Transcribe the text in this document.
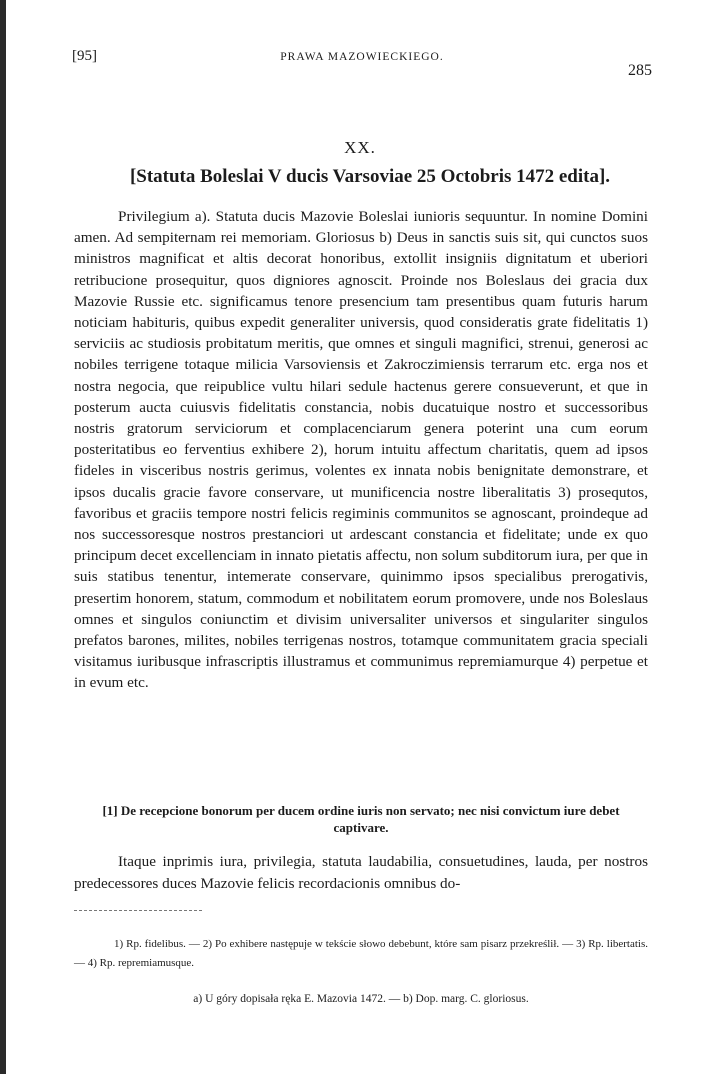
[95]	PRAWA MAZOWIECKIEGO.
285
XX.
[Statuta Boleslai V ducis Varsoviae 25 Octobris 1472 edita].

Privilegium a). Statuta ducis Mazovie Boleslai iunioris sequuntur. In nomine Domini amen. Ad sempiternam rei memoriam. Gloriosus b) Deus in sanctis suis sit, qui cunctos suos ministros magnificat et altis decorat honoribus, extollit insigniis dignitatum et uberiori retribucione prosequitur, quos digniores agnoscit. Proinde nos Boleslaus dei gracia dux Mazovie Russie etc. significamus tenore presencium tam presentibus quam futuris harum noticiam habituris, quibus expedit generaliter universis, quod consideratis grate fidelitatis 1) serviciis ac studiosis probitatum meritis, que omnes et singuli magnifici, strenui, generosi ac nobiles terrigene totaque milicia Varsoviensis et Zakroczimiensis terrarum etc. erga nos et nostra negocia, que reipublice vultu hilari sedule hactenus gerere consueverunt, et que in posterum aucta cuiusvis fidelitatis constancia, nobis ducatuique nostro et successoribus nostris gratorum serviciorum et complacenciarum genera poterint una cum eorum posteritatibus eo ferventius exhibere 2), horum intuitu affectum charitatis, quem ad ipsos fideles in visceribus nostris gerimus, volentes ex innata nobis benignitate demonstrare, et ipsos ducalis gracie favore conservare, ut munificencia nostre liberalitatis 3) prosequtos, favoribus et graciis tempore nostri felicis regiminis communitos se agnoscant, proindeque ad nos successoresque nostros prestanciori ut ardescant constancia et fidelitate; unde ex quo principum decet excellenciam in innato pietatis affectu, non solum subditorum iura, per que in suis statibus tenentur, intemerate conservare, quinimmo ipsos specialibus prerogativis, presertim honorem, statum, commodum et nobilitatem eorum promovere, unde nos Boleslaus omnes et singulos coniunctim et divisim universaliter universos et singulariter singulos prefatos barones, milites, nobiles terrigenas nostros, totamque communitatem gracia speciali visitamus iuribusque infrascriptis illustramus et communimus repremiamurque 4) perpetue et in evum etc.

[1] De recepcione bonorum per ducem ordine iuris non servato; nec nisi convictum iure debet captivare.

Itaque inprimis iura, privilegia, statuta laudabilia, consuetudines, lauda, per nostros predecessores duces Mazovie felicis recordacionis omnibus do-

1) Rp. fidelibus. — 2) Po exhibere następuje w tekście słowo debebunt, które sam pisarz przekreślił. — 3) Rp. libertatis. — 4) Rp. repremiamusque.

a) U góry dopisała ręka E. Mazovia 1472. — b) Dop. marg. C. gloriosus.
